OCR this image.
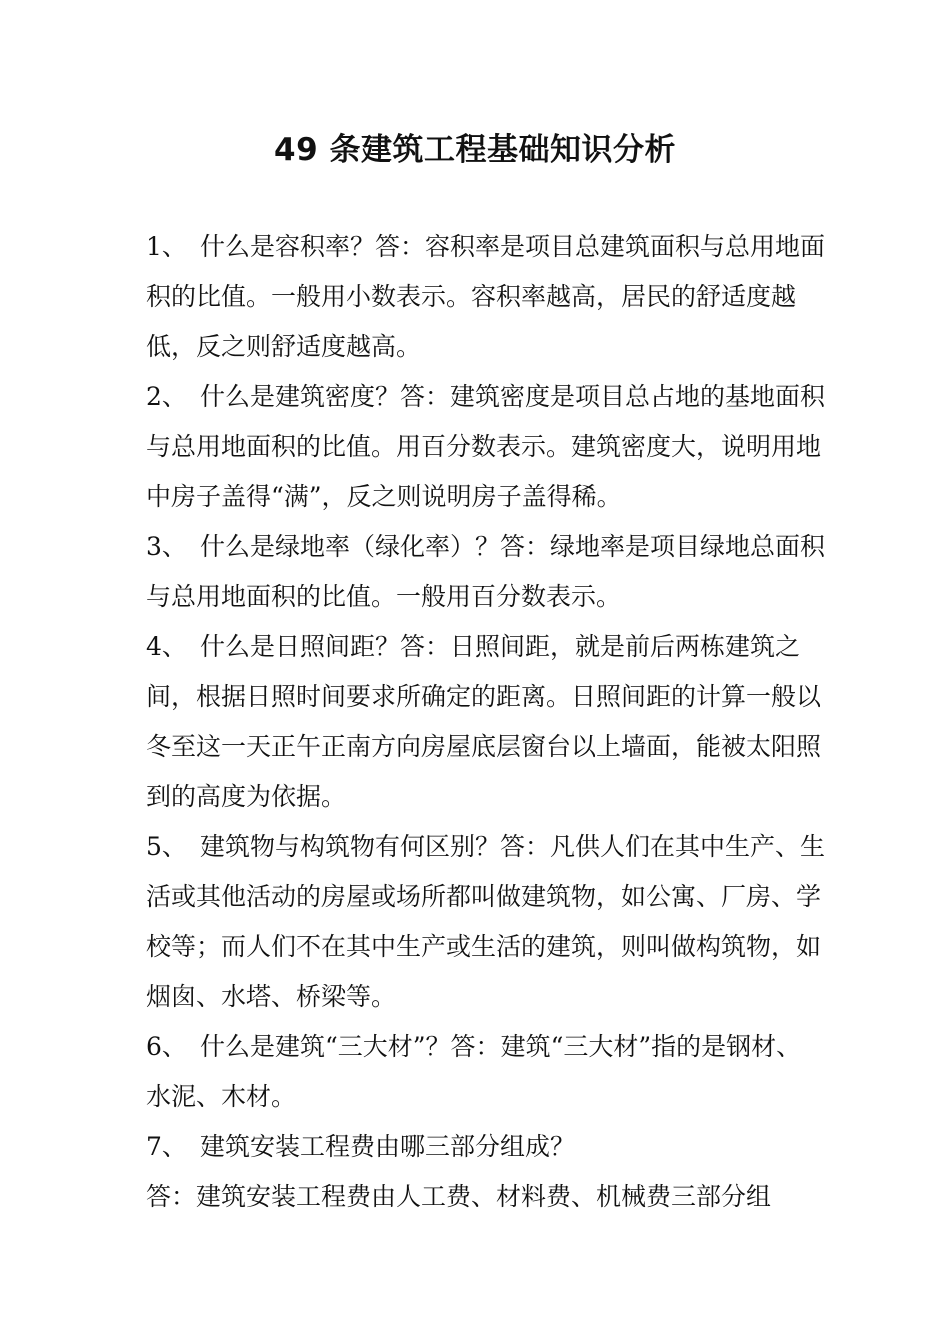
49 条建筑工程基础知识分析

1、 什么是容积率？答：容积率是项目总建筑面积与总用地面积的比值。一般用小数表示。容积率越高，居民的舒适度越低，反之则舒适度越高。

2、 什么是建筑密度？答：建筑密度是项目总占地的基地面积与总用地面积的比值。用百分数表示。建筑密度大，说明用地中房子盖得“满”，反之则说明房子盖得稀。

3、 什么是绿地率（绿化率）？答：绿地率是项目绿地总面积与总用地面积的比值。一般用百分数表示。

4、 什么是日照间距？答：日照间距，就是前后两栋建筑之间，根据日照时间要求所确定的距离。日照间距的计算一般以冬至这一天正午正南方向房屋底层窗台以上墙面，能被太阳照到的高度为依据。

5、 建筑物与构筑物有何区别？答：凡供人们在其中生产、生活或其他活动的房屋或场所都叫做建筑物，如公寓、厂房、学校等；而人们不在其中生产或生活的建筑，则叫做构筑物，如烟囱、水塔、桥梁等。

6、 什么是建筑“三大材”？答：建筑“三大材”指的是钢材、水泥、木材。

7、 建筑安装工程费由哪三部分组成？

答：建筑安装工程费由人工费、材料费、机械费三部分组
